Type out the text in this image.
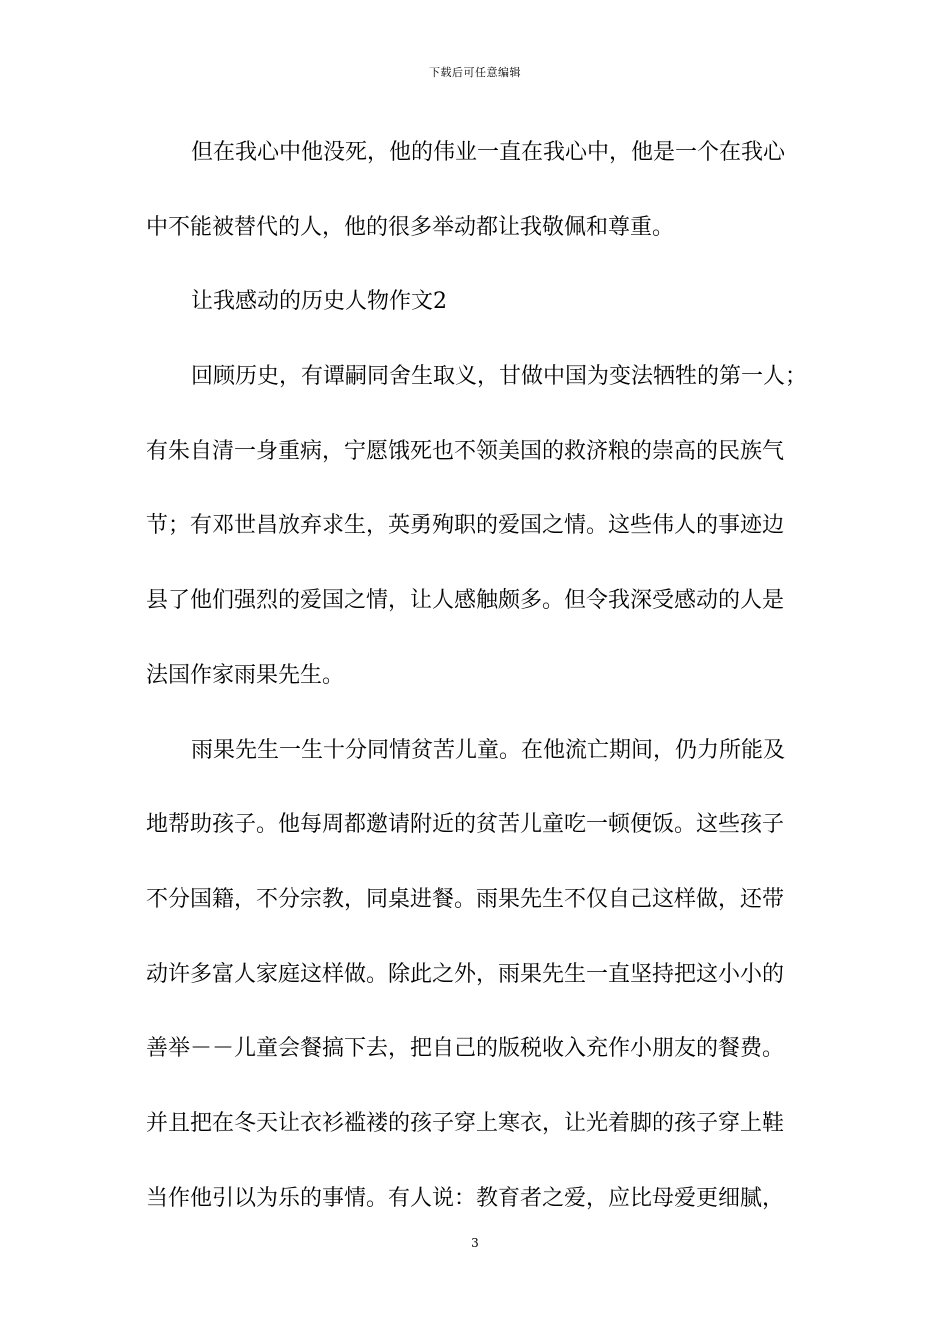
下载后可任意编辑
但在我心中他没死，他的伟业一直在我心中，他是一个在我心
中不能被替代的人，他的很多举动都让我敬佩和尊重。
让我感动的历史人物作文2
回顾历史，有谭嗣同舍生取义，甘做中国为变法牺牲的第一人；
有朱自清一身重病，宁愿饿死也不领美国的救济粮的崇高的民族气
节；有邓世昌放弃求生，英勇殉职的爱国之情。这些伟人的事迹边
县了他们强烈的爱国之情，让人感触颇多。但令我深受感动的人是
法国作家雨果先生。
雨果先生一生十分同情贫苦儿童。在他流亡期间，仍力所能及
地帮助孩子。他每周都邀请附近的贫苦儿童吃一顿便饭。这些孩子
不分国籍，不分宗教，同桌进餐。雨果先生不仅自己这样做，还带
动许多富人家庭这样做。除此之外，雨果先生一直坚持把这小小的
善举－－儿童会餐搞下去，把自己的版税收入充作小朋友的餐费。
并且把在冬天让衣衫褴褛的孩子穿上寒衣，让光着脚的孩子穿上鞋
当作他引以为乐的事情。有人说：教育者之爱，应比母爱更细腻，
3
